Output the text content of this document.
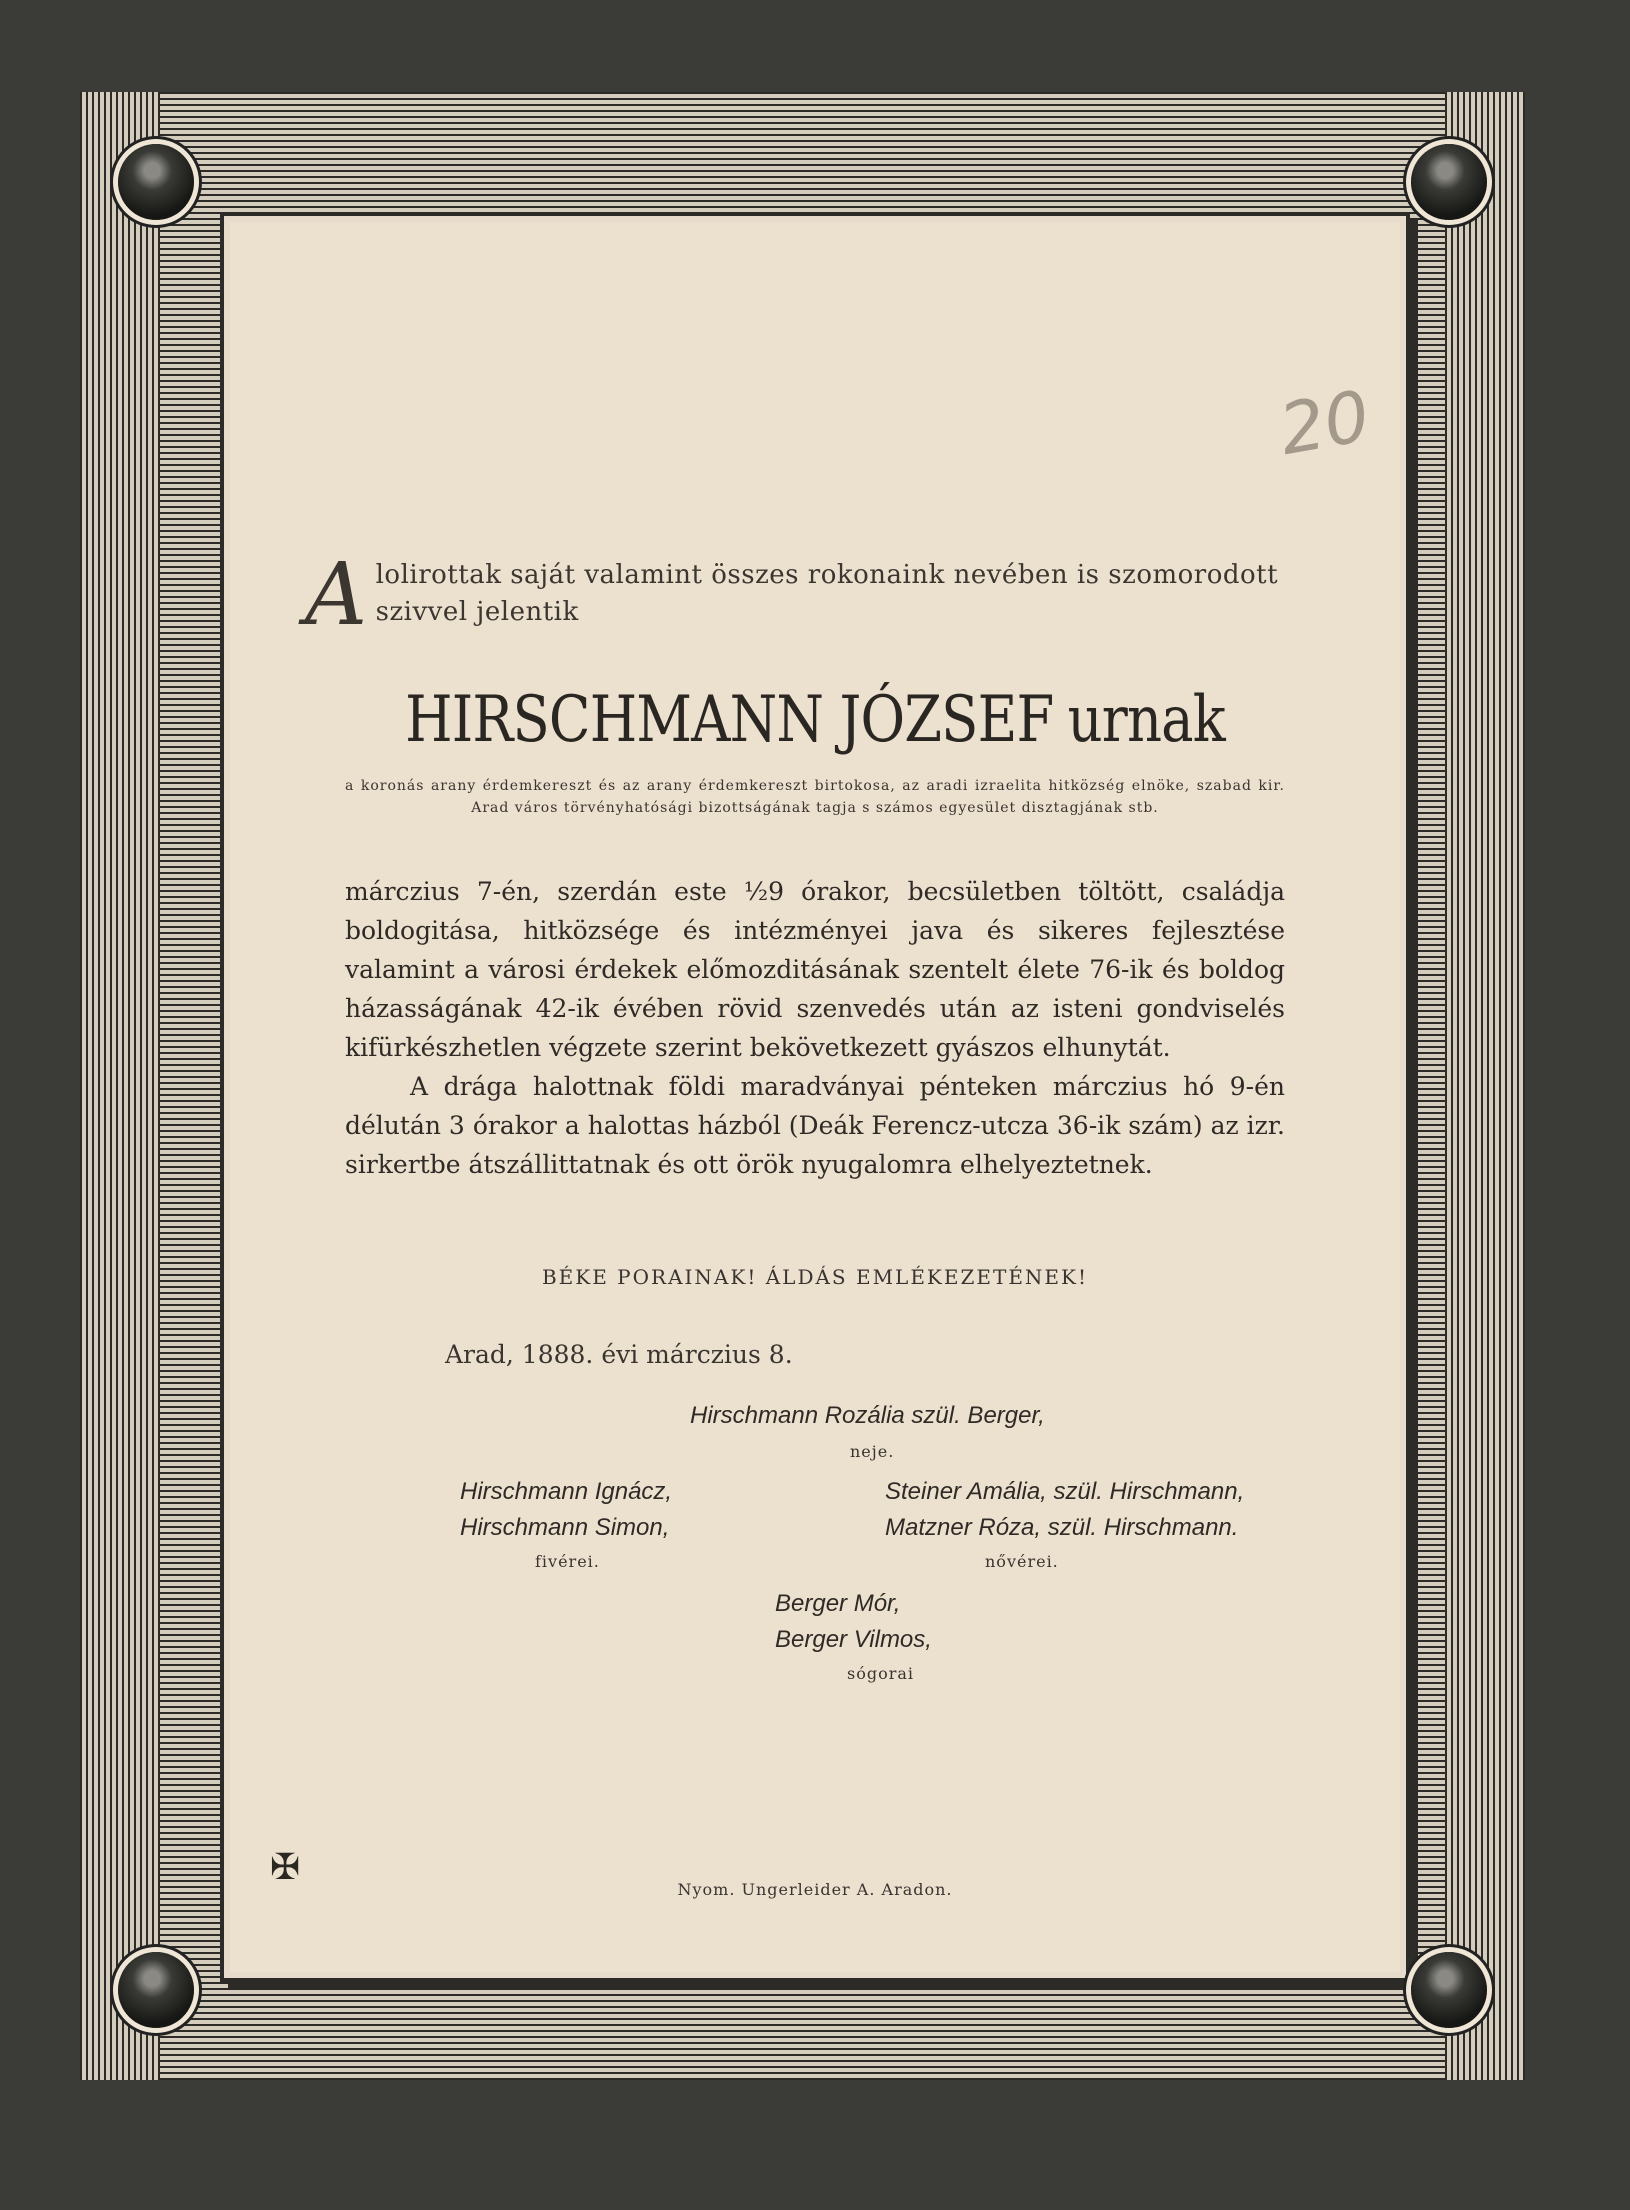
20
A lolirottak saját valamint összes rokonaink nevében is szomorodott szivvel jelentik
HIRSCHMANN JÓZSEF urnak
a koronás arany érdemkereszt és az arany érdemkereszt birtokosa, az aradi izraelita hitközség elnöke, szabad kir. Arad város törvényhatósági bizottságának tagja s számos egyesület disztagjának stb.

márczius 7-én, szerdán este ½9 órakor, becsületben töltött, családja boldogitása, hitközsége és intézményei java és sikeres fejlesztése valamint a városi érdekek előmozditásának szentelt élete 76-ik és boldog házasságának 42-ik évében rövid szenvedés után az isteni gondviselés kifürkészhetlen végzete szerint bekövetkezett gyászos elhunytát.

A drága halottnak földi maradványai pénteken márczius hó 9-én délután 3 órakor a halottas házból (Deák Ferencz-utcza 36-ik szám) az izr. sirkertbe átszállittatnak és ott örök nyugalomra elhelyeztetnek.

BÉKE PORAINAK! ÁLDÁS EMLÉKEZETÉNEK!
Arad, 1888. évi márczius 8.
Hirschmann Rozália szül. Berger,
neje.
Hirschmann Ignácz,
Hirschmann Simon,
fivérei.
Steiner Amália, szül. Hirschmann,
Matzner Róza, szül. Hirschmann.
nővérei.
Berger Mór,
Berger Vilmos,
sógorai
✠
Nyom. Ungerleider A. Aradon.
